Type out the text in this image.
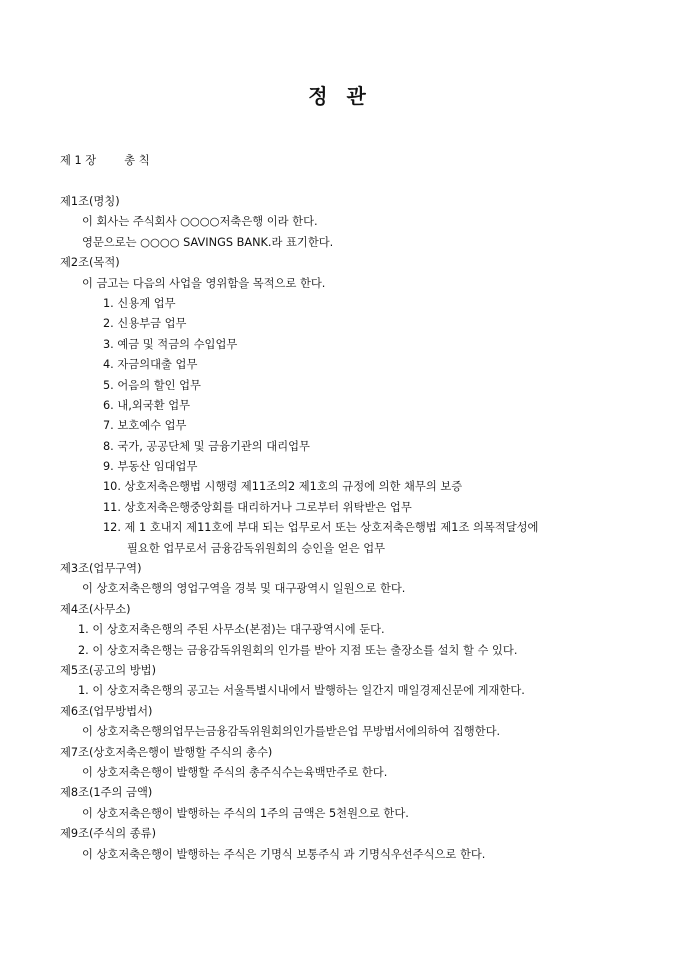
정 관
제 1 장 총 칙
제1조(명칭)
이 회사는 주식회사 ○○○○저축은행 이라 한다.
영문으로는 ○○○○ SAVINGS BANK.라 표기한다.
제2조(목적)
이 금고는 다음의 사업을 영위함을 목적으로 한다.
1. 신용계 업무
2. 신용부금 업무
3. 예금 및 적금의 수입업무
4. 자금의대출 업무
5. 어음의 할인 업무
6. 내,외국환 업무
7. 보호예수 업무
8. 국가, 공공단체 및 금융기관의 대리업무
9. 부동산 임대업무
10. 상호저축은행법 시행령 제11조의2 제1호의 규정에 의한 채무의 보증
11. 상호저축은행중앙회를 대리하거나 그로부터 위탁받은 업무
12. 제 1 호내지 제11호에 부대 되는 업무로서 또는 상호저축은행법 제1조 의목적달성에
필요한 업무로서 금융감독위원회의 승인을 얻은 업무
제3조(업무구역)
이 상호저축은행의 영업구역을 경북 및 대구광역시 일원으로 한다.
제4조(사무소)
1. 이 상호저축은행의 주된 사무소(본점)는 대구광역시에 둔다.
2. 이 상호저축은행는 금융감독위원회의 인가를 받아 지점 또는 출장소를 설치 할 수 있다.
제5조(공고의 방법)
1. 이 상호저축은행의 공고는 서울특별시내에서 발행하는 일간지 매일경제신문에 게재한다.
제6조(업무방법서)
이 상호저축은행의업무는금융감독위원회의인가를받은업 무방법서에의하여 집행한다.
제7조(상호저축은행이 발행할 주식의 총수)
이 상호저축은행이 발행할 주식의 총주식수는육백만주로 한다.
제8조(1주의 금액)
이 상호저축은행이 발행하는 주식의 1주의 금액은 5천원으로 한다.
제9조(주식의 종류)
이 상호저축은행이 발행하는 주식은 기명식 보통주식 과 기명식우선주식으로 한다.
